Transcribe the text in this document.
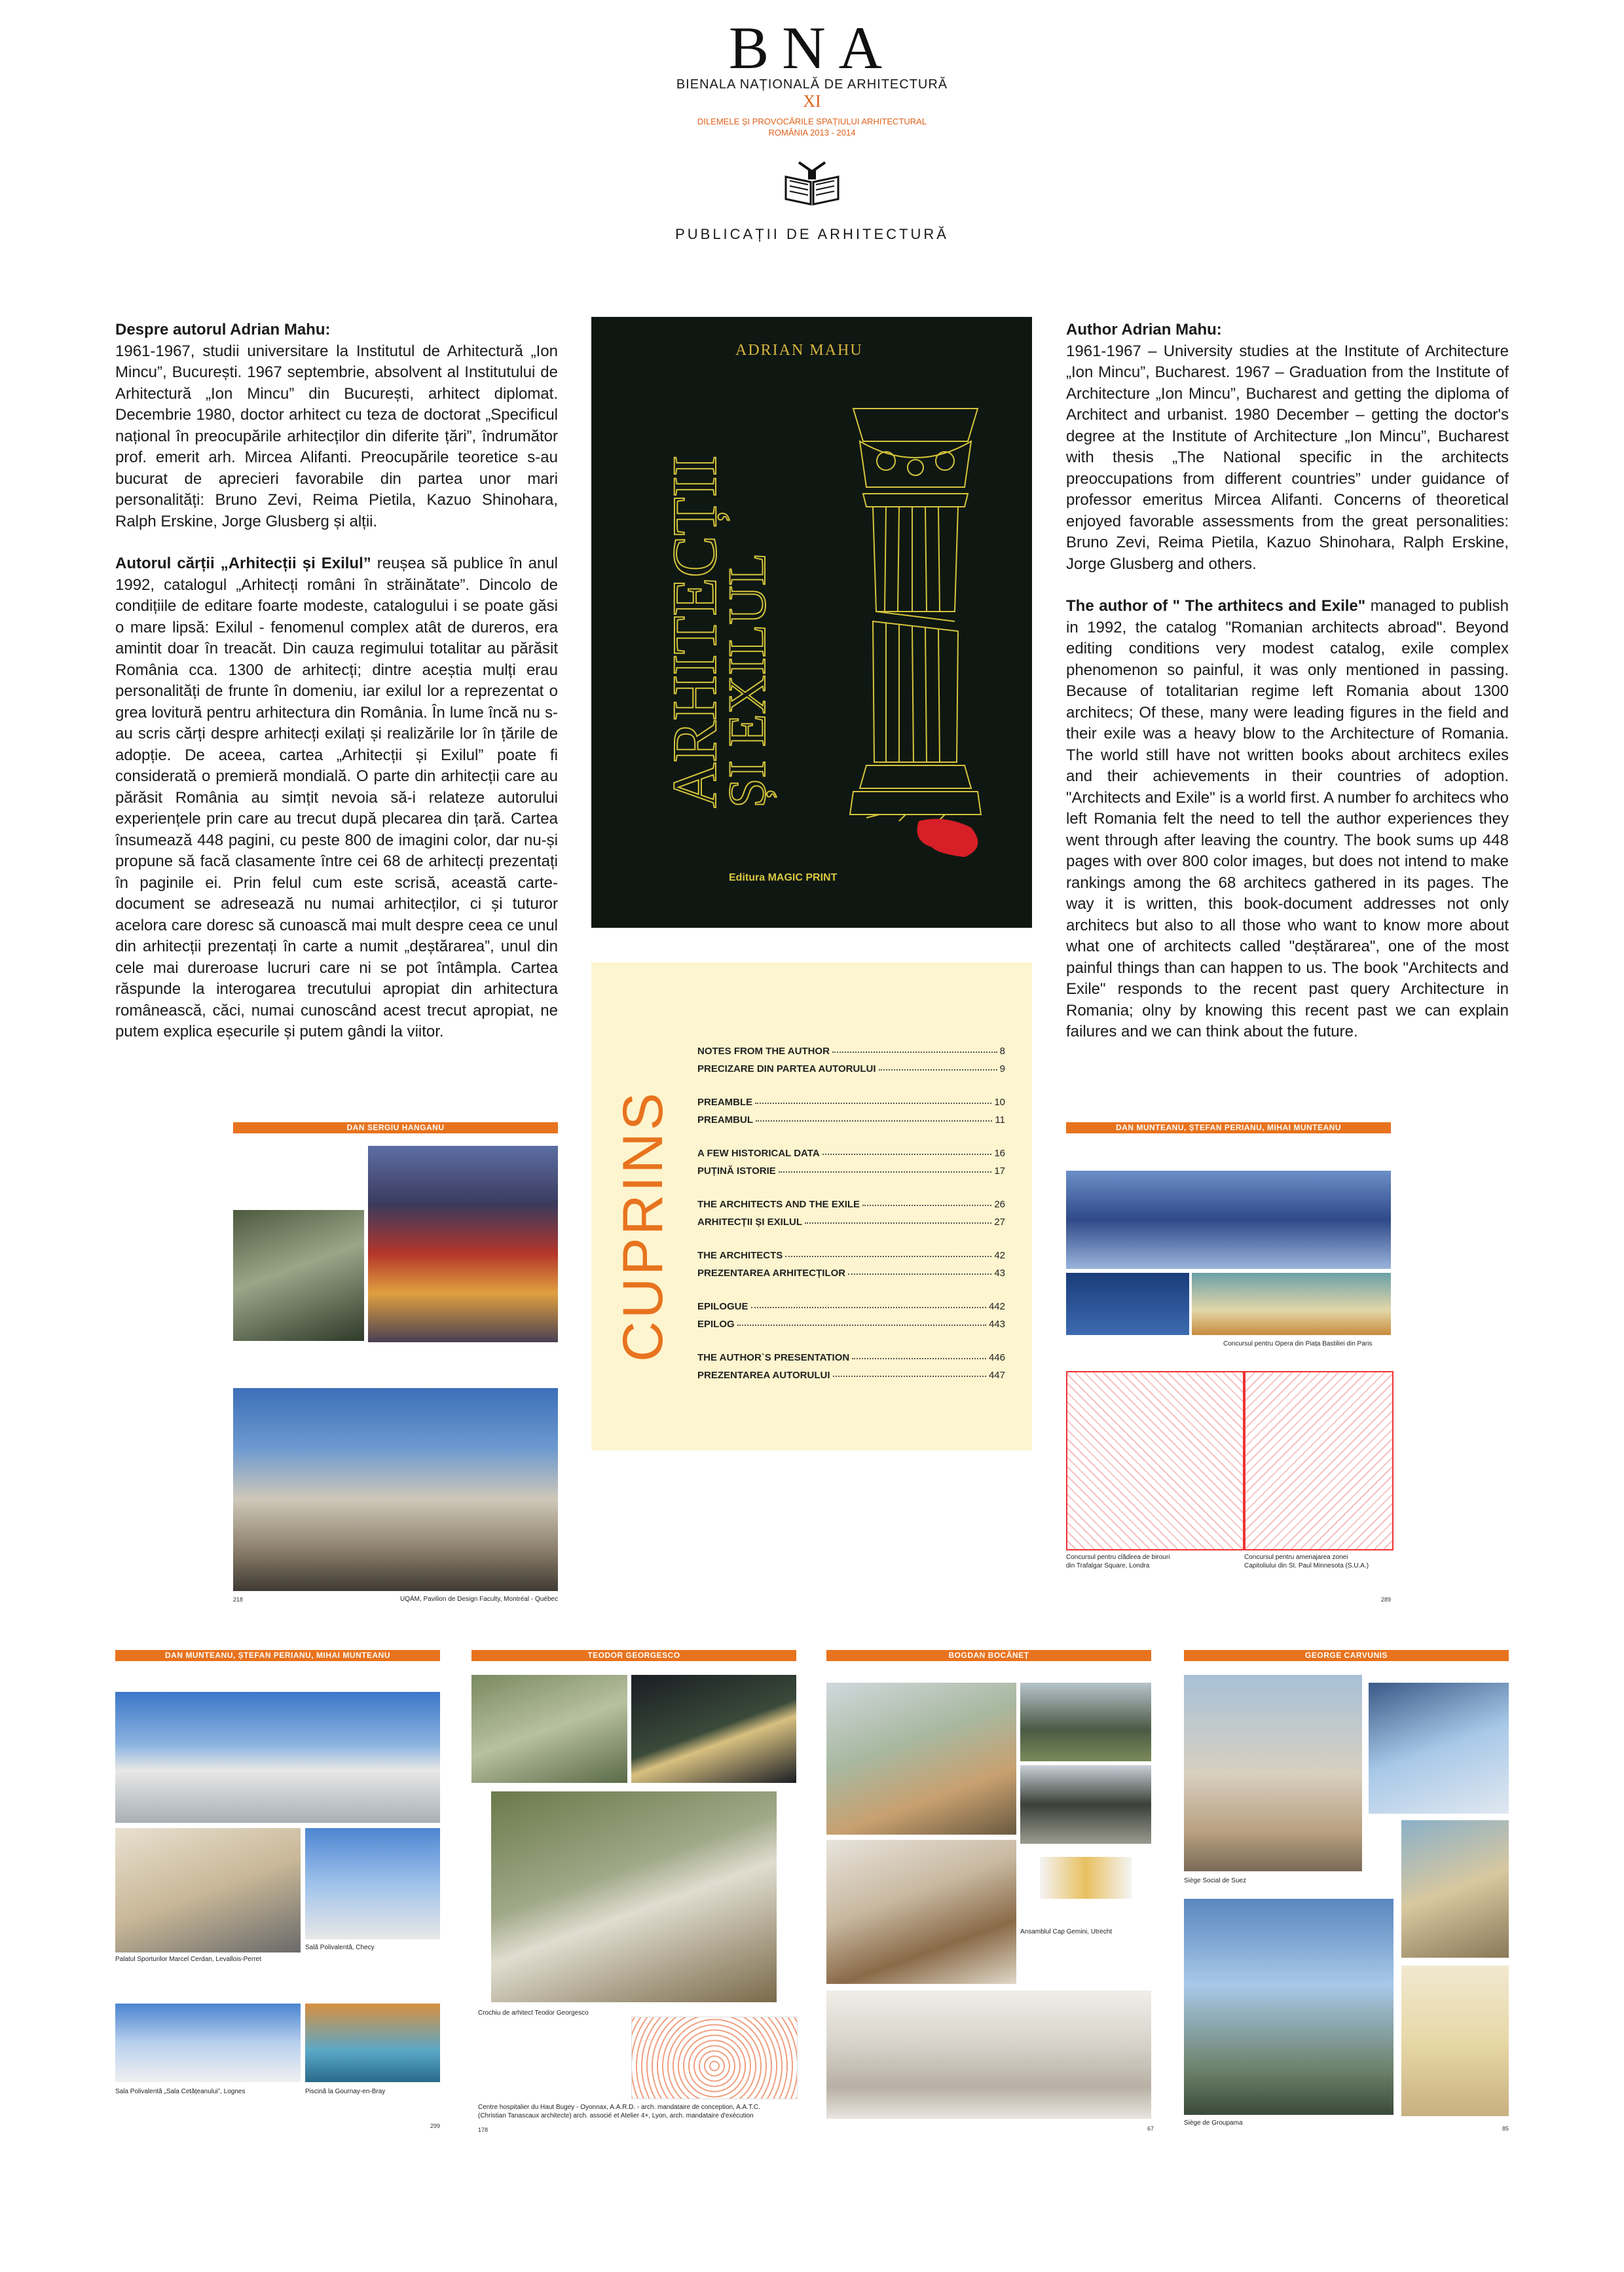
BNA
BIENALA NAȚIONALĂ DE ARHITECTURĂ
XI
DILEMELE ȘI PROVOCĂRILE SPAȚIULUI ARHITECTURAL
ROMÂNIA 2013 - 2014
PUBLICAȚII DE ARHITECTURĂ

Despre autorul Adrian Mahu:
1961-1967, studii universitare la Institutul de Arhitectură „Ion Mincu”, București. 1967 septembrie, absolvent al Institutului de Arhitectură „Ion Mincu” din București, arhitect diplomat. Decembrie 1980, doctor arhitect cu teza de doctorat „Specificul național în preocupările arhitecților din diferite țări”, îndrumător prof. emerit arh. Mircea Alifanti. Preocupările teoretice s-au bucurat de aprecieri favorabile din partea unor mari personalități: Bruno Zevi, Reima Pietila, Kazuo Shinohara, Ralph Erskine, Jorge Glusberg și alții.

Autorul cărții „Arhitecții și Exilul” reușea să publice în anul 1992, catalogul „Arhitecți români în străinătate”. Dincolo de condițiile de editare foarte modeste, catalogului i se poate găsi o mare lipsă: Exilul - fenomenul complex atât de dureros, era amintit doar în treacăt. Din cauza regimului totalitar au părăsit România cca. 1300 de arhitecți; dintre aceștia mulți erau personalități de frunte în domeniu, iar exilul lor a reprezentat o grea lovitură pentru arhitectura din România. În lume încă nu s-au scris cărți despre arhitecți exilați și realizările lor în țările de adopție. De aceea, cartea „Arhitecții și Exilul” poate fi considerată o premieră mondială. O parte din arhitecții care au părăsit România au simțit nevoia să-i relateze autorului experiențele prin care au trecut după plecarea din țară. Cartea însumează 448 pagini, cu peste 800 de imagini color, dar nu-și propune să facă clasamente între cei 68 de arhitecți prezentați în paginile ei. Prin felul cum este scrisă, această carte-document se adresează nu numai arhitecților, ci și tuturor acelora care doresc să cunoască mai mult despre ceea ce unul din arhitecții prezentați în carte a numit „deștărarea”, unul din cele mai dureroase lucruri care ni se pot întâmpla. Cartea răspunde la interogarea trecutului apropiat din arhitectura românească, căci, numai cunoscând acest trecut apropiat, ne putem explica eșecurile și putem gândi la viitor.

ADRIAN MAHU
ARHITECȚII
ȘI EXILUL
Editura MAGIC PRINT
CUPRINS
NOTES FROM THE AUTHOR	8
PRECIZARE DIN PARTEA AUTORULUI	9
PREAMBLE	10
PREAMBUL	11
A FEW HISTORICAL DATA	16
PUȚINĂ ISTORIE	17
THE ARCHITECTS AND THE EXILE	26
ARHITECȚII ȘI EXILUL	27
THE ARCHITECTS	42
PREZENTAREA ARHITECȚILOR	43
EPILOGUE	442
EPILOG	443
THE AUTHOR`S PRESENTATION	446
PREZENTAREA AUTORULUI	447

Author Adrian Mahu:
1961-1967 – University studies at the Institute of Architecture „Ion Mincu”, Bucharest. 1967 – Graduation from the Institute of Architecture „Ion Mincu”, Bucharest and getting the diploma of Architect and urbanist. 1980 December – getting the doctor's degree at the Institute of Architecture „Ion Mincu”, Bucharest with thesis „The National specific in the architects preoccupations from different countries” under guidance of professor emeritus Mircea Alifanti. Concerns of theoretical enjoyed favorable assessments from the great personalities: Bruno Zevi, Reima Pietila, Kazuo Shinohara, Ralph Erskine, Jorge Glusberg and others.

The author of " The arthitecs and Exile" managed to publish in 1992, the catalog "Romanian architects abroad". Beyond editing conditions very modest catalog, exile complex phenomenon so painful, it was only mentioned in passing. Because of totalitarian regime left Romania about 1300 architecs; Of these, many were leading figures in the field and their exile was a heavy blow to the Architecture of Romania. The world still have not written books about architecs exiles and their achievements in their countries of adoption. "Architects and Exile" is a world first. A number fo architecs who left Romania felt the need to tell the author experiences they went through after leaving the country. The book sums up 448 pages with over 800 color images, but does not intend to make rankings among the 68 architecs gathered in its pages. The way it is written, this book-document addresses not only architecs but also to all those who want to know more about what one of architects called "deștărarea", one of the most painful things than can happen to us. The book "Architects and Exile" responds to the recent past query Architecture in Romania; olny by knowing this recent past we can explain failures and we can think about the future.

DAN SERGIU HANGANU
218	UQÀM, Pavilion de Design Faculty, Montréal - Québec
DAN MUNTEANU, ȘTEFAN PERIANU, MIHAI MUNTEANU
Concursul pentru Opera din Piața Bastiliei din Paris
Concursul pentru clădirea de birouri
din Trafalgar Square, Londra
Concursul pentru amenajarea zonei
Capitoliului din St. Paul Minnesota (S.U.A.)
289
DAN MUNTEANU, ȘTEFAN PERIANU, MIHAI MUNTEANU
Palatul Sporturilor Marcel Cerdan, Levallois-Perret
Sală Polivalentă, Checy
Sala Polivalentă „Sala Cetățeanului”, Lognes	Piscină la Gournay-en-Bray
299
TEODOR GEORGESCO
Crochiu de arhitect Teodor Georgesco
Centre hospitalier du Haut Bugey - Oyonnax, A.A.R.D. - arch. mandataire de conception, A.A.T.C.
(Christian Tanascaux architecte) arch. associé et Atelier 4+, Lyon, arch. mandataire d'exécution
178
BOGDAN BOCĂNEȚ
Ansamblul Cap Gemini, Utrecht
67
GEORGE CARVUNIS
Siège Social de Suez
Siège de Groupama
85
